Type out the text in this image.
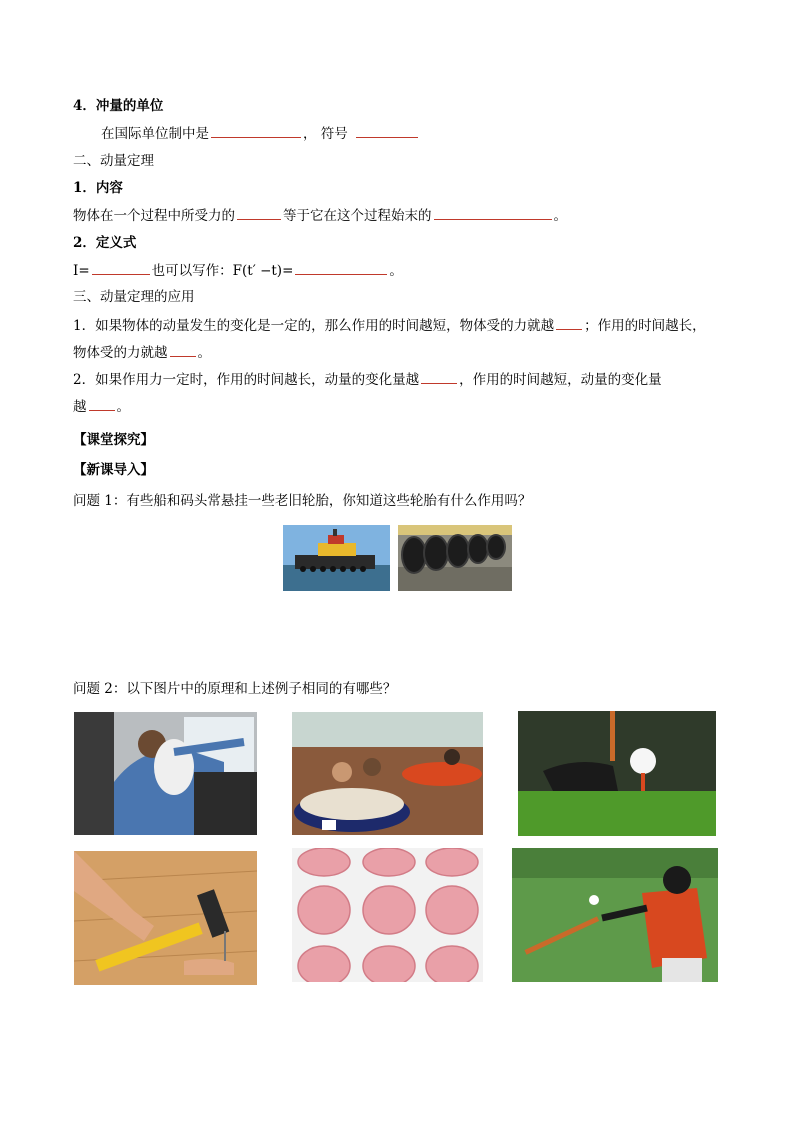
4．冲量的单位
在国际单位制中是	， 符号
二、动量定理
1．内容
物体在一个过程中所受力的	等于它在这个过程始末的	。
2．定义式
I=	也可以写作：F(t′ −t)=	。
三、动量定理的应用
1．如果物体的动量发生的变化是一定的，那么作用的时间越短，物体受的力就越 ；作用的时间越长，
物体受的力就越 。
2．如果作用力一定时，作用的时间越长，动量的变化量越	，作用的时间越短，动量的变化量
越 。
【课堂探究】
【新课导入】
问题 1：有些船和码头常悬挂一些老旧轮胎，你知道这些轮胎有什么作用吗？
问题 2：以下图片中的原理和上述例子相同的有哪些？
